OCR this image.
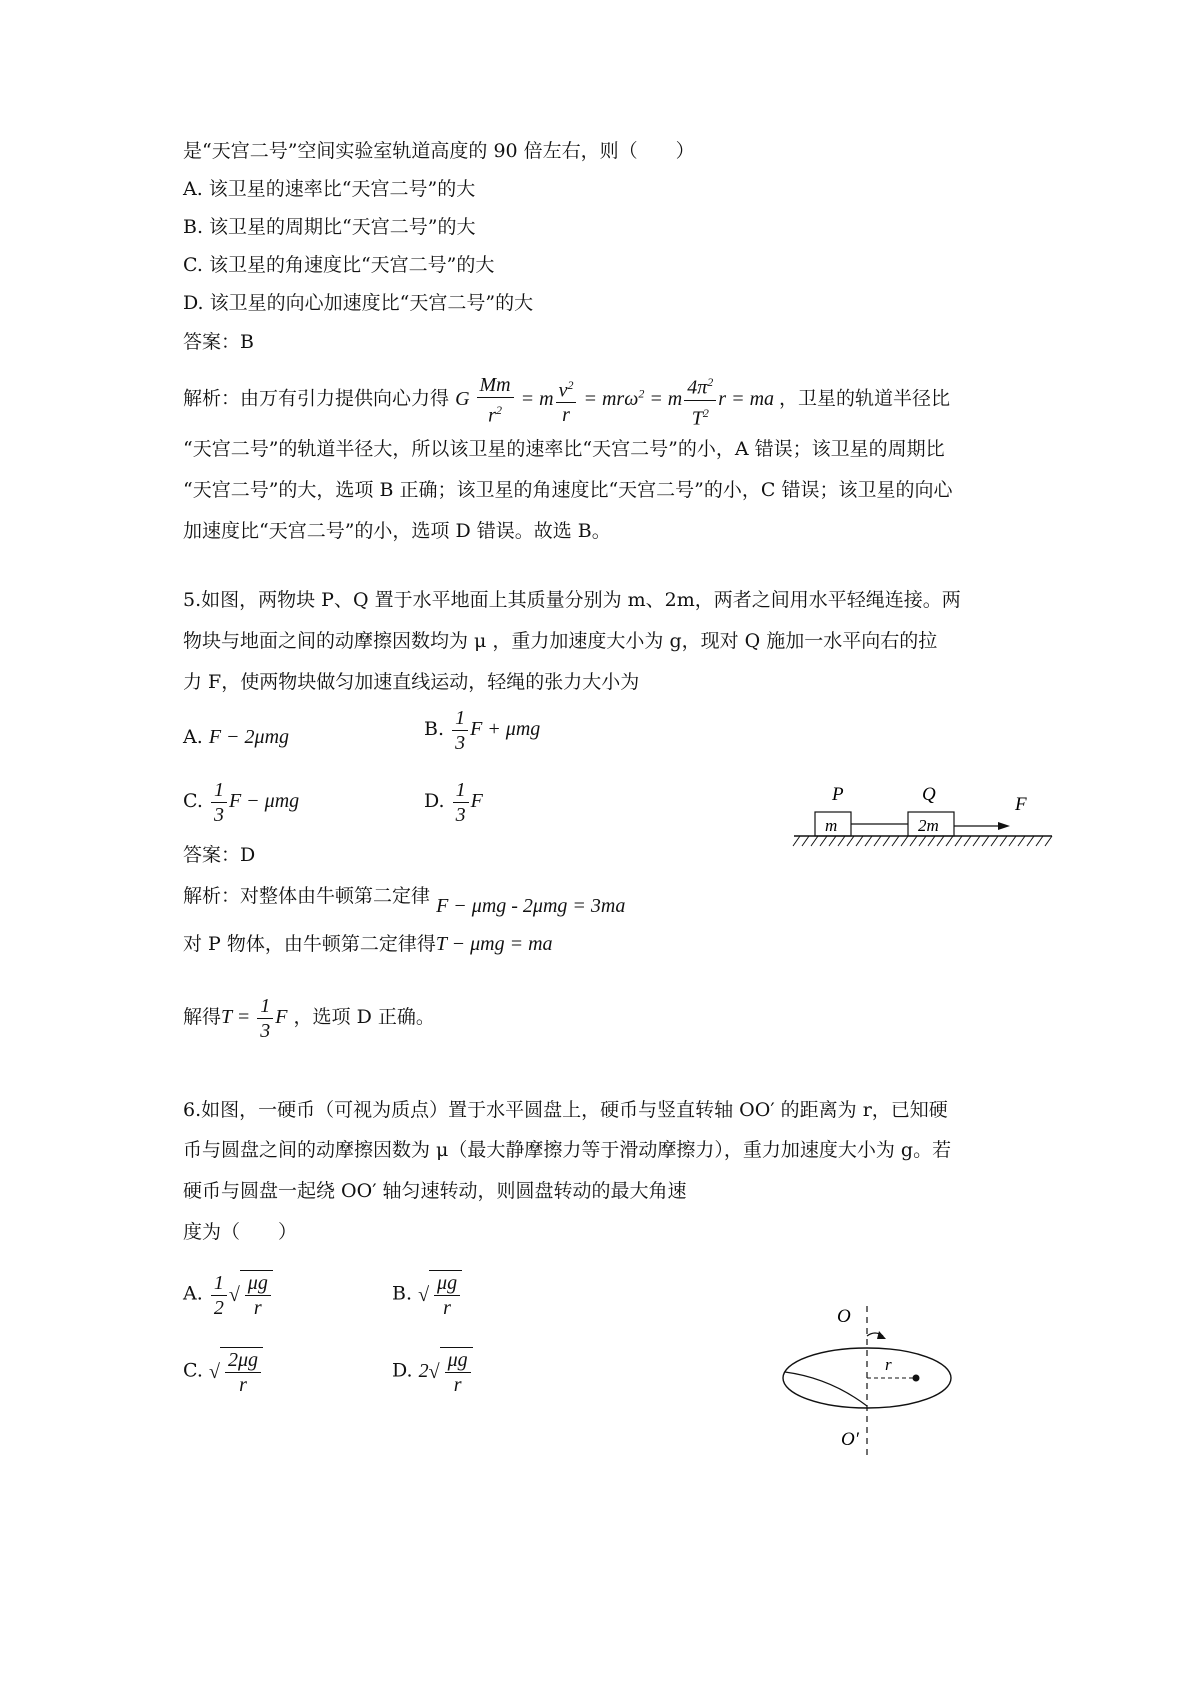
是“天宫二号”空间实验室轨道高度的 90 倍左右，则（　　）
A. 该卫星的速率比“天宫二号”的大
B. 该卫星的周期比“天宫二号”的大
C. 该卫星的角速度比“天宫二号”的大
D. 该卫星的向心加速度比“天宫二号”的大
答案：B
解析：由万有引力提供向心力得 G $\frac{Mm}{r^2} = m \frac{v^2}{r} = mr\omega^2 = m \frac{4\pi^2}{T^2}$ r = ma ，卫星的轨道半径比
“天宫二号”的轨道半径大，所以该卫星的速率比“天宫二号”的小，A 错误；该卫星的周期比
“天宫二号”的大，选项 B 正确；该卫星的角速度比“天宫二号”的小，C 错误；该卫星的向心
加速度比“天宫二号”的小，选项 D 错误。故选 B。
5.如图，两物块 P、Q 置于水平地面上其质量分别为 m、2m，两者之间用水平轻绳连接。两
物块与地面之间的动摩擦因数均为 μ ，重力加速度大小为 g，现对 Q 施加一水平向右的拉
力 F，使两物块做匀加速直线运动，轻绳的张力大小为
A. F − 2μmg	B. $\frac{1}{3}$ F + μmg
C. $\frac{1}{3}$ F − μmg	D. $\frac{1}{3}$ F	P	Q	F
m	2m
答案：D
解析：对整体由牛顿第二定律 F − μmg - 2μmg = 3ma
对 P 物体，由牛顿第二定律得T − μmg = ma
解得$T = \frac{1}{3}$ F ，选项 D 正确。
6.如图，一硬币（可视为质点）置于水平圆盘上，硬币与竖直转轴 OO′ 的距离为 r，已知硬
币与圆盘之间的动摩擦因数为 μ（最大静摩擦力等于滑动摩擦力），重力加速度大小为 g。若
硬币与圆盘一起绕 OO′ 轴匀速转动，则圆盘转动的最大角速
度为（　　）
A. $\frac{1}{2}$ √ $\frac{\mu g}{r}$	B. √ $\frac{\mu g}{r}$
C. √ $\frac{2\mu g}{r}$	D. $2√ \frac{\mu g}{r}$
O
r
O′
